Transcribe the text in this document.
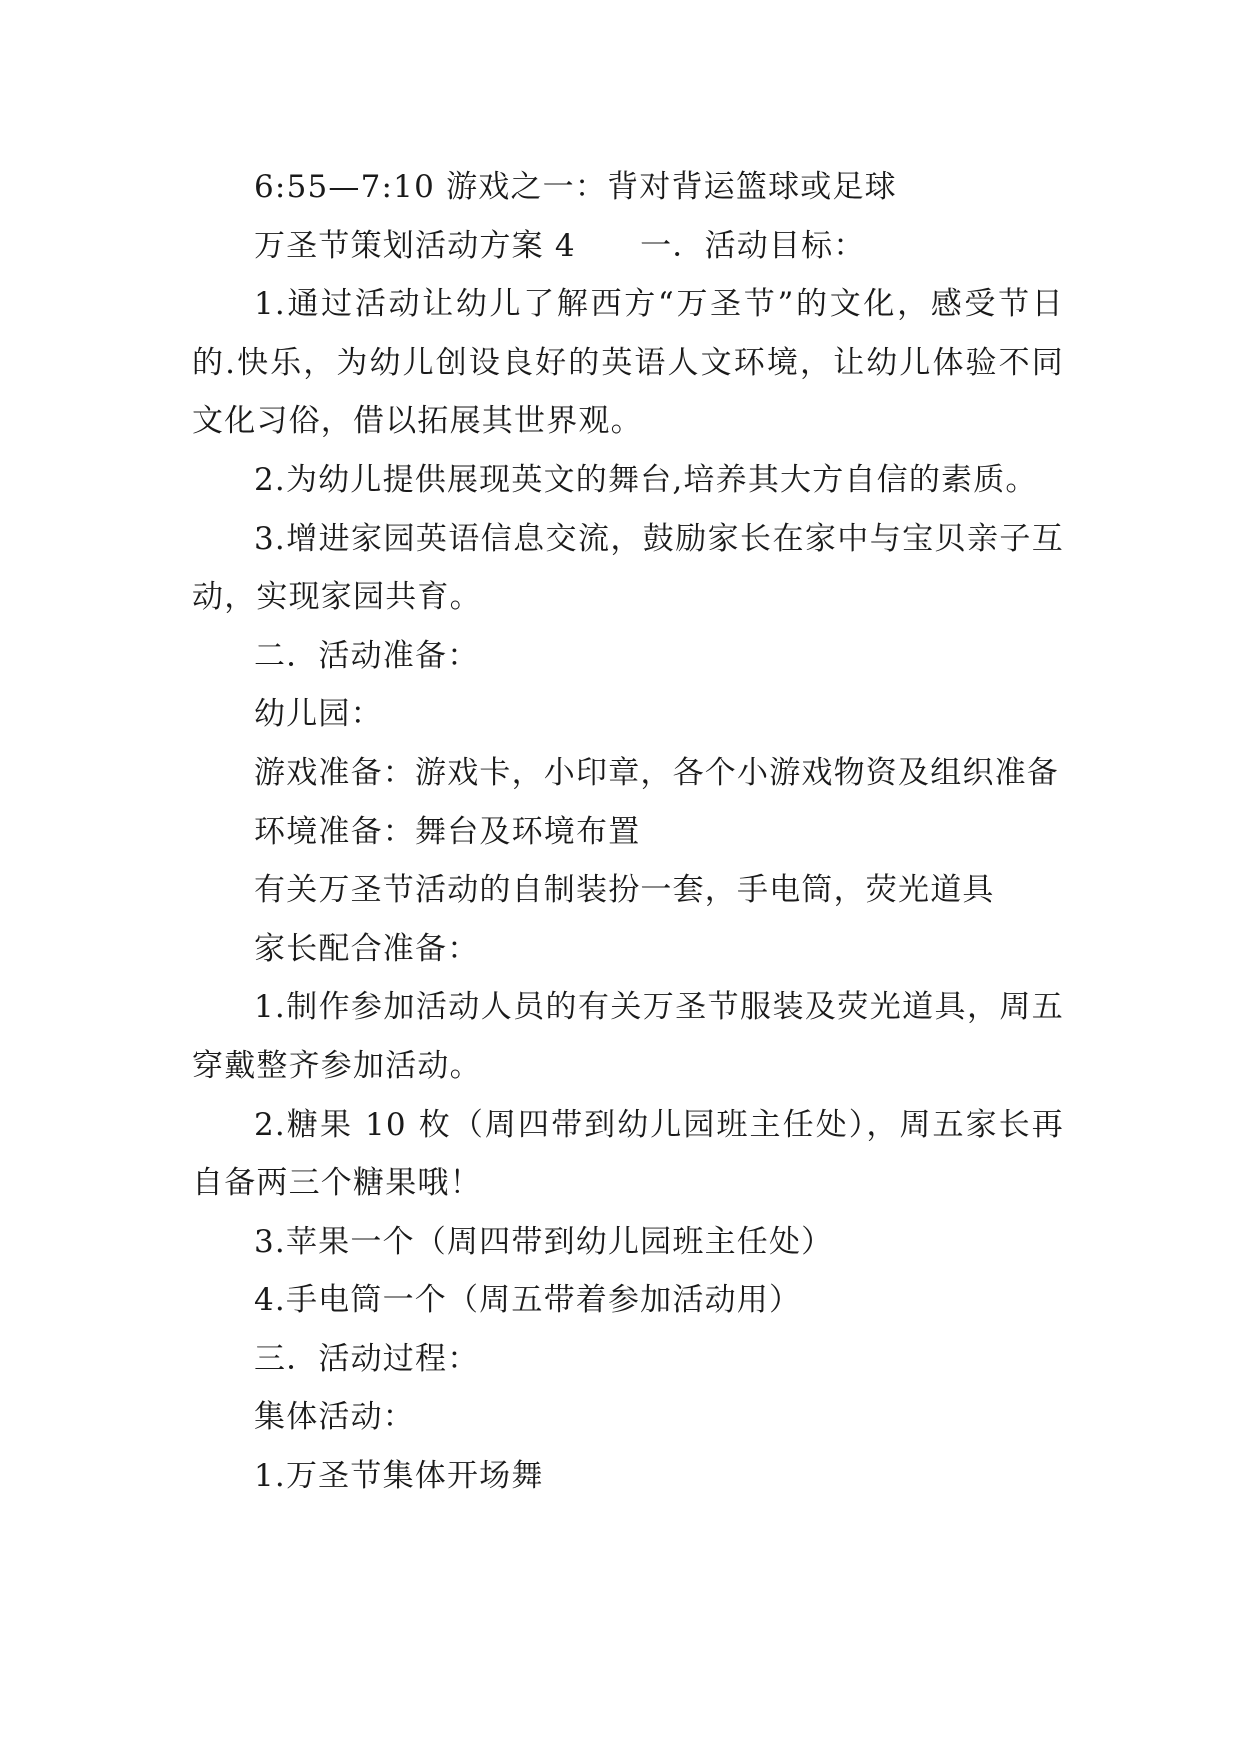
6:55—7:10 游戏之一：背对背运篮球或足球

万圣节策划活动方案 4　　一．活动目标：

1.通过活动让幼儿了解西方“万圣节”的文化，感受节日的.快乐，为幼儿创设良好的英语人文环境，让幼儿体验不同文化习俗，借以拓展其世界观。

2.为幼儿提供展现英文的舞台,培养其大方自信的素质。

3.增进家园英语信息交流，鼓励家长在家中与宝贝亲子互动，实现家园共育。

二．活动准备：

幼儿园：

游戏准备：游戏卡，小印章，各个小游戏物资及组织准备

环境准备：舞台及环境布置

有关万圣节活动的自制装扮一套，手电筒，荧光道具

家长配合准备：

1.制作参加活动人员的有关万圣节服装及荧光道具，周五穿戴整齐参加活动。

2.糖果 10 枚（周四带到幼儿园班主任处），周五家长再自备两三个糖果哦！

3.苹果一个（周四带到幼儿园班主任处）

4.手电筒一个（周五带着参加活动用）

三．活动过程：

集体活动：

1.万圣节集体开场舞
